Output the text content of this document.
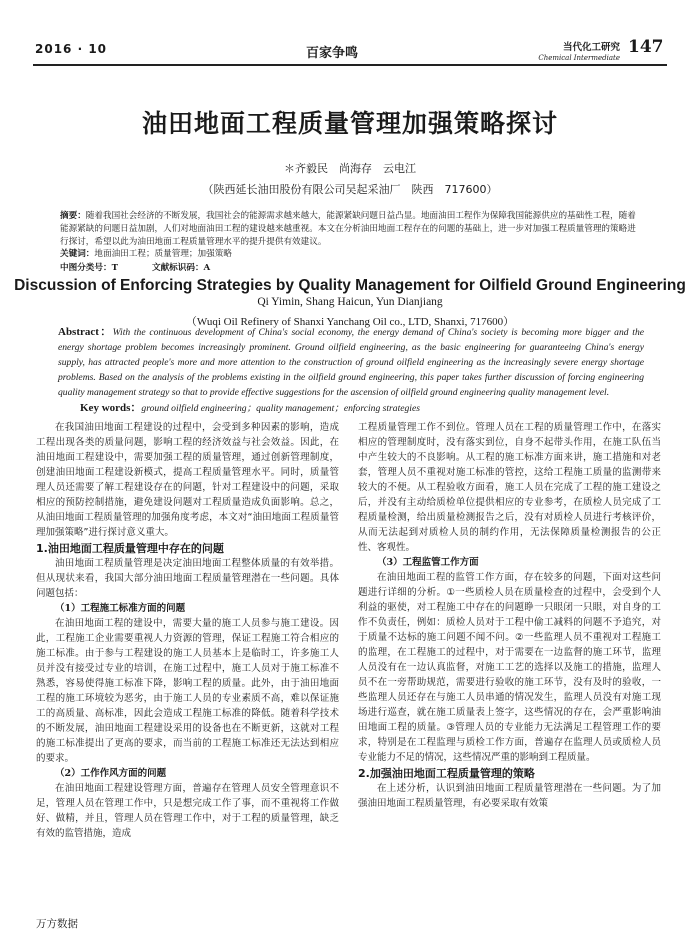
2016 · 10	百家争鸣	当代化工研究
Chemical Intermediate
147
油田地面工程质量管理加强策略探讨
＊齐毅民　尚海存　云电江
（陕西延长油田股份有限公司吴起采油厂　陕西　717600）
摘要：随着我国社会经济的不断发展，我国社会的能源需求越来越大，能源紧缺问题日益凸显。地面油田工程作为保障我国能源供应的基础性工程，随着能源紧缺的问题日益加剧，人们对地面油田工程的建设越来越重视。本文在分析油田地面工程存在的问题的基础上，进一步对加强工程质量管理的策略进行探讨，希望以此为油田地面工程质量管理水平的提升提供有效建议。
关键词：地面油田工程；质量管理；加强策略
中图分类号：T	文献标识码：A
Discussion of Enforcing Strategies by Quality Management for Oilfield Ground Engineering
Qi Yimin, Shang Haicun, Yun Dianjiang
（Wuqi Oil Refinery of Shanxi Yanchang Oil co., LTD, Shanxi, 717600）
Abstract：With the continuous development of China's social economy, the energy demand of China's society is becoming more bigger and the energy shortage problem becomes increasingly prominent. Ground oilfield engineering, as the basic engineering for guaranteeing China's energy supply, has attracted people's more and more attention to the construction of ground oilfield engineering as the increasingly severe energy shortage problems. Based on the analysis of the problems existing in the oilfield ground engineering, this paper takes further discussion of forcing engineering quality management strategy so that to provide effective suggestions for the ascension of oilfield ground engineering quality management level.
Key words：ground oilfield engineering；quality management；enforcing strategies

在我国油田地面工程建设的过程中，会受到多种因素的影响，造成工程出现各类的质量问题，影响工程的经济效益与社会效益。因此，在油田地面工程建设中，需要加强工程的质量管理，通过创新管理制度，创建油田地面工程建设新模式，提高工程质量管理水平。同时，质量管理人员还需要了解工程建设存在的问题，针对工程建设中的问题，采取相应的预防控制措施，避免建设问题对工程质量造成负面影响。总之，从油田地面工程质量管理的加强角度考虑，本文对“油田地面工程质量管理加强策略”进行探讨意义重大。

1.油田地面工程质量管理中存在的问题

油田地面工程质量管理是决定油田地面工程整体质量的有效举措。但从现状来看，我国大部分油田地面工程质量管理潜在一些问题。具体问题包括：

（1）工程施工标准方面的问题

在油田地面工程的建设中，需要大量的施工人员参与施工建设。因此，工程施工企业需要重视人力资源的管理，保证工程施工符合相应的施工标准。由于参与工程建设的施工人员基本上是临时工，许多施工人员并没有接受过专业的培训，在施工过程中，施工人员对于施工标准不熟悉，容易使得施工标准下降，影响工程的质量。此外，由于油田地面工程的施工环境较为恶劣，由于施工人员的专业素质不高，难以保证施工的高质量、高标准，因此会造成工程施工标准的降低。随着科学技术的不断发展，油田地面工程建设采用的设备也在不断更新，这就对工程的施工标准提出了更高的要求，而当前的工程施工标准还无法达到相应的要求。

（2）工作作风方面的问题

在油田地面工程建设管理方面，普遍存在管理人员安全管理意识不足，管理人员在管理工作中，只是想完成工作了事，而不重视将工作做好、做精，并且，管理人员在管理工作中，对于工程的质量管理，缺乏有效的监管措施，造成

工程质量管理工作不到位。管理人员在工程的质量管理工作中，在落实相应的管理制度时，没有落实到位，自身不起带头作用，在施工队伍当中产生较大的不良影响。从工程的施工标准方面来讲，施工措施和对老套，管理人员不重视对施工标准的管控，这给工程施工质量的监测带来较大的不便。从工程验收方面看，施工人员在完成了工程的施工建设之后，并没有主动给质检单位提供相应的专业参考，在质检人员完成了工程质量检测，给出质量检测报告之后，没有对质检人员进行考核评价，从而无法起到对质检人员的制约作用，无法保障质量检测报告的公正性、客观性。

（3）工程监管工作方面

在油田地面工程的监管工作方面，存在较多的问题，下面对这些问题进行详细的分析。①一些质检人员在质量检查的过程中，会受到个人利益的驱使，对工程施工中存在的问题睁一只眼闭一只眼，对自身的工作不负责任，例如：质检人员对于工程中偷工减料的问题不予追究，对于质量不达标的施工问题不闻不问。②一些监理人员不重视对工程施工的监理，在工程施工的过程中，对于需要在一边监督的施工环节，监理人员没有在一边认真监督，对施工工艺的选择以及施工的措施，监理人员不在一旁帮助规范，需要进行验收的施工环节，没有及时的验收，一些监理人员还存在与施工人员串通的情况发生，监理人员没有对施工现场进行巡查，就在施工质量表上签字，这些情况的存在，会严重影响油田地面工程的质量。③管理人员的专业能力无法满足工程管理工作的要求，特别是在工程监理与质检工作方面，普遍存在监理人员或质检人员专业能力不足的情况，这些情况严重的影响到工程质量。

2.加强油田地面工程质量管理的策略

在上述分析，认识到油田地面工程质量管理潜在一些问题。为了加强油田地面工程质量管理，有必要采取有效策

万方数据
